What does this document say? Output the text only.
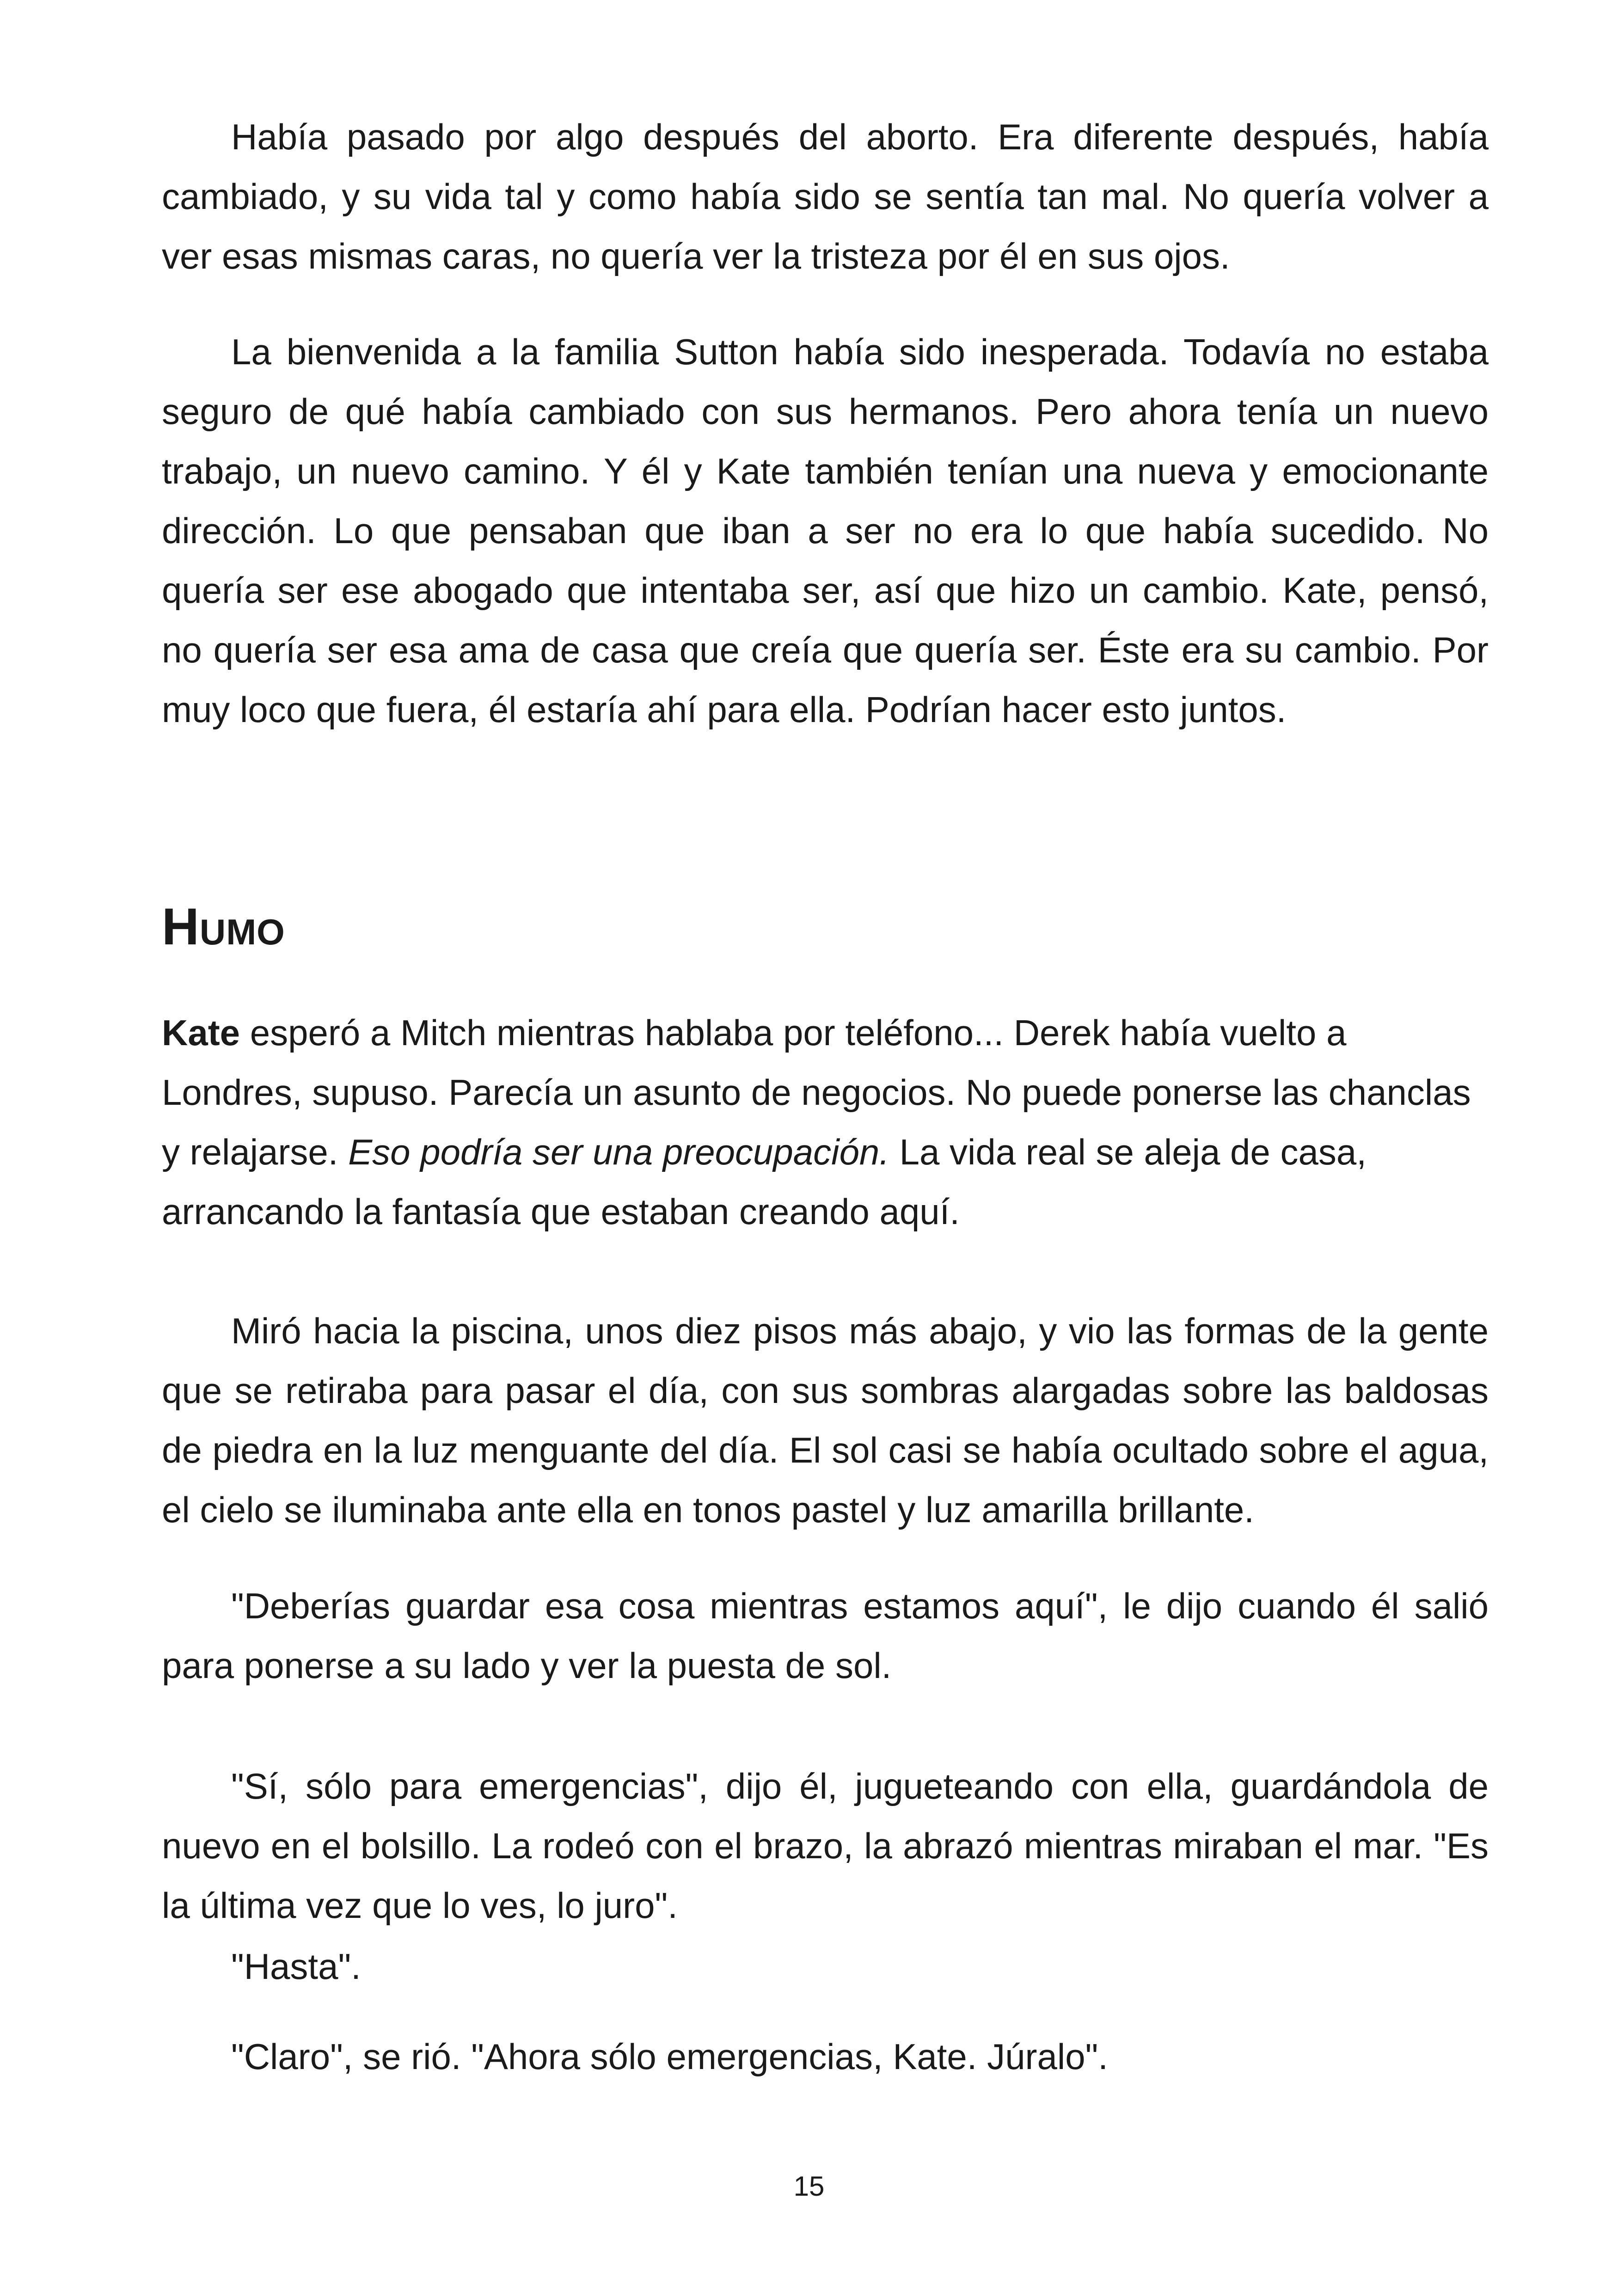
Había pasado por algo después del aborto. Era diferente después, había cambiado, y su vida tal y como había sido se sentía tan mal. No quería volver a ver esas mismas caras, no quería ver la tristeza por él en sus ojos.

La bienvenida a la familia Sutton había sido inesperada. Todavía no estaba seguro de qué había cambiado con sus hermanos. Pero ahora tenía un nuevo trabajo, un nuevo camino. Y él y Kate también tenían una nueva y emocionante dirección. Lo que pensaban que iban a ser no era lo que había sucedido. No quería ser ese abogado que intentaba ser, así que hizo un cambio. Kate, pensó, no quería ser esa ama de casa que creía que quería ser. Éste era su cambio. Por muy loco que fuera, él estaría ahí para ella. Podrían hacer esto juntos.

Humo

Kate esperó a Mitch mientras hablaba por teléfono... Derek había vuelto a Londres, supuso. Parecía un asunto de negocios. No puede ponerse las chanclas y relajarse. Eso podría ser una preocupación. La vida real se aleja de casa, arrancando la fantasía que estaban creando aquí.

Miró hacia la piscina, unos diez pisos más abajo, y vio las formas de la gente que se retiraba para pasar el día, con sus sombras alargadas sobre las baldosas de piedra en la luz menguante del día. El sol casi se había ocultado sobre el agua, el cielo se iluminaba ante ella en tonos pastel y luz amarilla brillante.

"Deberías guardar esa cosa mientras estamos aquí", le dijo cuando él salió para ponerse a su lado y ver la puesta de sol.

"Sí, sólo para emergencias", dijo él, jugueteando con ella, guardándola de nuevo en el bolsillo. La rodeó con el brazo, la abrazó mientras miraban el mar. "Es la última vez que lo ves, lo juro".

"Hasta".

"Claro", se rió. "Ahora sólo emergencias, Kate. Júralo".

15
